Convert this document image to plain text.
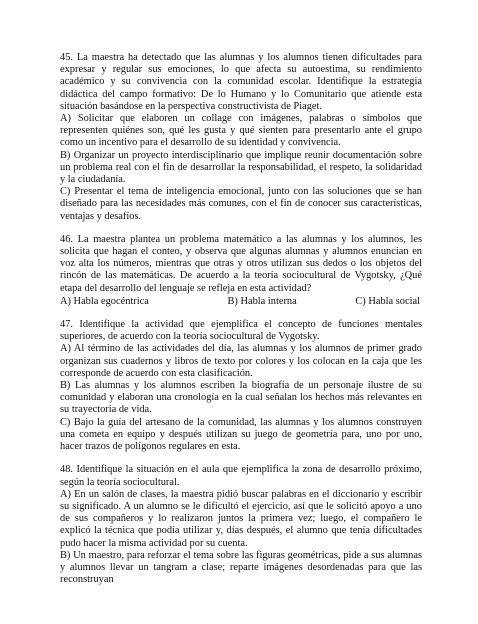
45. La maestra ha detectado que las alumnas y los alumnos tienen dificultades para expresar y regular sus emociones, lo que afecta su autoestima, su rendimiento académico y su convivencia con la comunidad escolar. Identifique la estrategia didáctica del campo formativo: De lo Humano y lo Comunitario que atiende esta situación basándose en la perspectiva constructivista de Piaget.

A) Solicitar que elaboren un collage con imágenes, palabras o símbolos que representen quiénes son, qué les gusta y qué sienten para presentarlo ante el grupo como un incentivo para el desarrollo de su identidad y convivencia.

B) Organizar un proyecto interdisciplinario que implique reunir documentación sobre un problema real con el fin de desarrollar la responsabilidad, el respeto, la solidaridad y la ciudadanía.

C) Presentar el tema de inteligencia emocional, junto con las soluciones que se han diseñado para las necesidades más comunes, con el fin de conocer sus características, ventajas y desafíos.

46. La maestra plantea un problema matemático a las alumnas y los alumnos, les solicita que hagan el conteo, y observa que algunas alumnas y alumnos enuncian en voz alta los números, mientras que otras y otros utilizan sus dedos o los objetos del rincón de las matemáticas. De acuerdo a la teoría sociocultural de Vygotsky, ¿Qué etapa del desarrollo del lenguaje se refleja en esta actividad?

A) Habla egocéntrica	B) Habla interna	C) Habla social

47. Identifique la actividad que ejemplifica el concepto de funciones mentales superiores, de acuerdo con la teoría sociocultural de Vygotsky.

A) Al término de las actividades del día, las alumnas y los alumnos de primer grado organizan sus cuadernos y libros de texto por colores y los colocan en la caja que les corresponde de acuerdo con esta clasificación.

B) Las alumnas y los alumnos escriben la biografía de un personaje ilustre de su comunidad y elaboran una cronología en la cual señalan los hechos más relevantes en su trayectoria de vida.

C) Bajo la guía del artesano de la comunidad, las alumnas y los alumnos construyen una cometa en equipo y después utilizan su juego de geometría para, uno por uno, hacer trazos de polígonos regulares en esta.

48. Identifique la situación en el aula que ejemplifica la zona de desarrollo próximo, según la teoría sociocultural.

A) En un salón de clases, la maestra pidió buscar palabras en el diccionario y escribir su significado. A un alumno se le dificultó el ejercicio, así que le solicitó apoyo a uno de sus compañeros y lo realizaron juntos la primera vez; luego, el compañero le explicó la técnica que podía utilizar y, días después, el alumno que tenía dificultades pudo hacer la misma actividad por su cuenta.

B) Un maestro, para reforzar el tema sobre las figuras geométricas, pide a sus alumnas y alumnos llevar un tangram a clase; reparte imágenes desordenadas para que las reconstruyan
